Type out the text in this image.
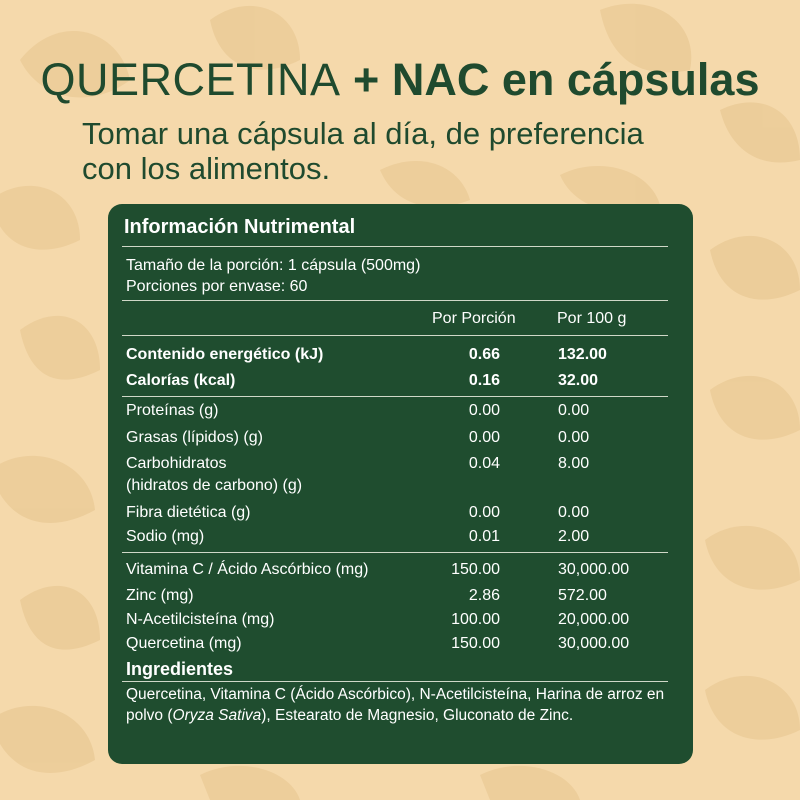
QUERCETINA + NAC en cápsulas
Tomar una cápsula al día, de preferencia
con los alimentos.
Información Nutrimental
Tamaño de la porción: 1 cápsula (500mg)
Porciones por envase: 60
Por Porción	Por 100 g
Contenido energético (kJ)	0.66	132.00
Calorías (kcal)	0.16	32.00
Proteínas (g)	0.00	0.00
Grasas (lípidos) (g)	0.00	0.00
Carbohidratos
(hidratos de carbono) (g)
0.04	8.00
Fibra dietética (g)	0.00	0.00
Sodio (mg)	0.01	2.00
Vitamina C / Ácido Ascórbico (mg)	150.00	30,000.00
Zinc (mg)	2.86	572.00
N-Acetilcisteína (mg)	100.00	20,000.00
Quercetina (mg)	150.00	30,000.00
Ingredientes
Quercetina, Vitamina C (Ácido Ascórbico), N-Acetilcisteína, Harina de arroz en polvo (Oryza Sativa), Estearato de Magnesio, Gluconato de Zinc.
